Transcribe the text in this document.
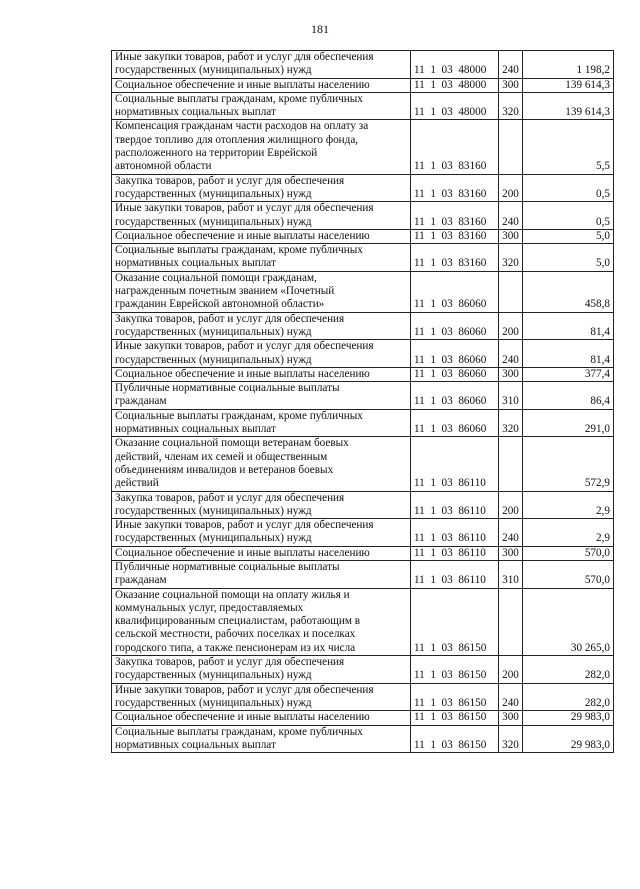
181
Иные закупки товаров, работ и услуг для обеспечения
государственных (муниципальных) нужд	11  1  03  48000	240	1 198,2
Социальное обеспечение и иные выплаты населению	11  1  03  48000	300	139 614,3
Социальные выплаты гражданам, кроме публичных
нормативных социальных выплат	11  1  03  48000	320	139 614,3
Компенсация гражданам части расходов на оплату за
твердое топливо для отопления жилищного фонда,
расположенного на территории Еврейской
автономной области	11  1  03  83160		5,5
Закупка товаров, работ и услуг для обеспечения
государственных (муниципальных) нужд	11  1  03  83160	200	0,5
Иные закупки товаров, работ и услуг для обеспечения
государственных (муниципальных) нужд	11  1  03  83160	240	0,5
Социальное обеспечение и иные выплаты населению	11  1  03  83160	300	5,0
Социальные выплаты гражданам, кроме публичных
нормативных социальных выплат	11  1  03  83160	320	5,0
Оказание социальной помощи гражданам,
награжденным почетным званием «Почетный
гражданин Еврейской автономной области»	11  1  03  86060		458,8
Закупка товаров, работ и услуг для обеспечения
государственных (муниципальных) нужд	11  1  03  86060	200	81,4
Иные закупки товаров, работ и услуг для обеспечения
государственных (муниципальных) нужд	11  1  03  86060	240	81,4
Социальное обеспечение и иные выплаты населению	11  1  03  86060	300	377,4
Публичные нормативные социальные выплаты
гражданам	11  1  03  86060	310	86,4
Социальные выплаты гражданам, кроме публичных
нормативных социальных выплат	11  1  03  86060	320	291,0
Оказание социальной помощи ветеранам боевых
действий, членам их семей и общественным
объединениям инвалидов и ветеранов боевых
действий	11  1  03  86110		572,9
Закупка товаров, работ и услуг для обеспечения
государственных (муниципальных) нужд	11  1  03  86110	200	2,9
Иные закупки товаров, работ и услуг для обеспечения
государственных (муниципальных) нужд	11  1  03  86110	240	2,9
Социальное обеспечение и иные выплаты населению	11  1  03  86110	300	570,0
Публичные нормативные социальные выплаты
гражданам	11  1  03  86110	310	570,0
Оказание социальной помощи на оплату жилья и
коммунальных услуг, предоставляемых
квалифицированным специалистам, работающим в
сельской местности, рабочих поселках и поселках
городского типа, а также пенсионерам из их числа	11  1  03  86150		30 265,0
Закупка товаров, работ и услуг для обеспечения
государственных (муниципальных) нужд	11  1  03  86150	200	282,0
Иные закупки товаров, работ и услуг для обеспечения
государственных (муниципальных) нужд	11  1  03  86150	240	282,0
Социальное обеспечение и иные выплаты населению	11  1  03  86150	300	29 983,0
Социальные выплаты гражданам, кроме публичных
нормативных социальных выплат	11  1  03  86150	320	29 983,0
